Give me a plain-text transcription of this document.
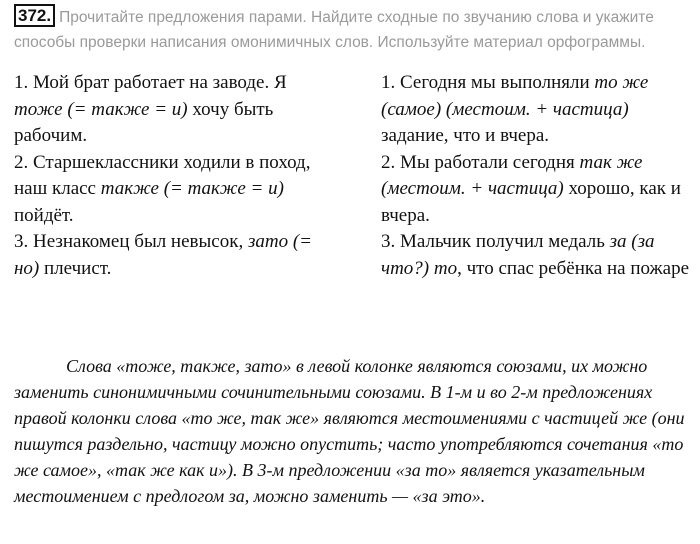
372. Прочитайте предложения парами. Найдите сходные по звучанию слова и укажите способы проверки написания омонимичных слов. Используйте материал орфограммы.

1. Мой брат работает на заводе. Я тоже (= также = и) хочу быть рабочим.

2. Старшеклассники ходили в поход, наш класс также (= также = и) пойдёт.

3. Незнакомец был невысок, зато (= но) плечист.

1. Сегодня мы выполняли то же (самое) (местоим. + частица) задание, что и вчера.

2. Мы работали сегодня так же (местоим. + частица) хорошо, как и вчера.

3. Мальчик получил медаль за (за что?) то, что спас ребёнка на пожаре

Слова «тоже, также, зато» в левой колонке являются союзами, их можно заменить синонимичными сочинительными союзами. В 1-м и во 2-м предложениях правой колонки слова «то же, так же» являются местоимениями с частицей же (они пишутся раздельно, частицу можно опустить; часто употребляются сочетания «то же самое», «так же как и»). В 3-м предложении «за то» является указательным местоимением с предлогом за, можно заменить — «за это».
